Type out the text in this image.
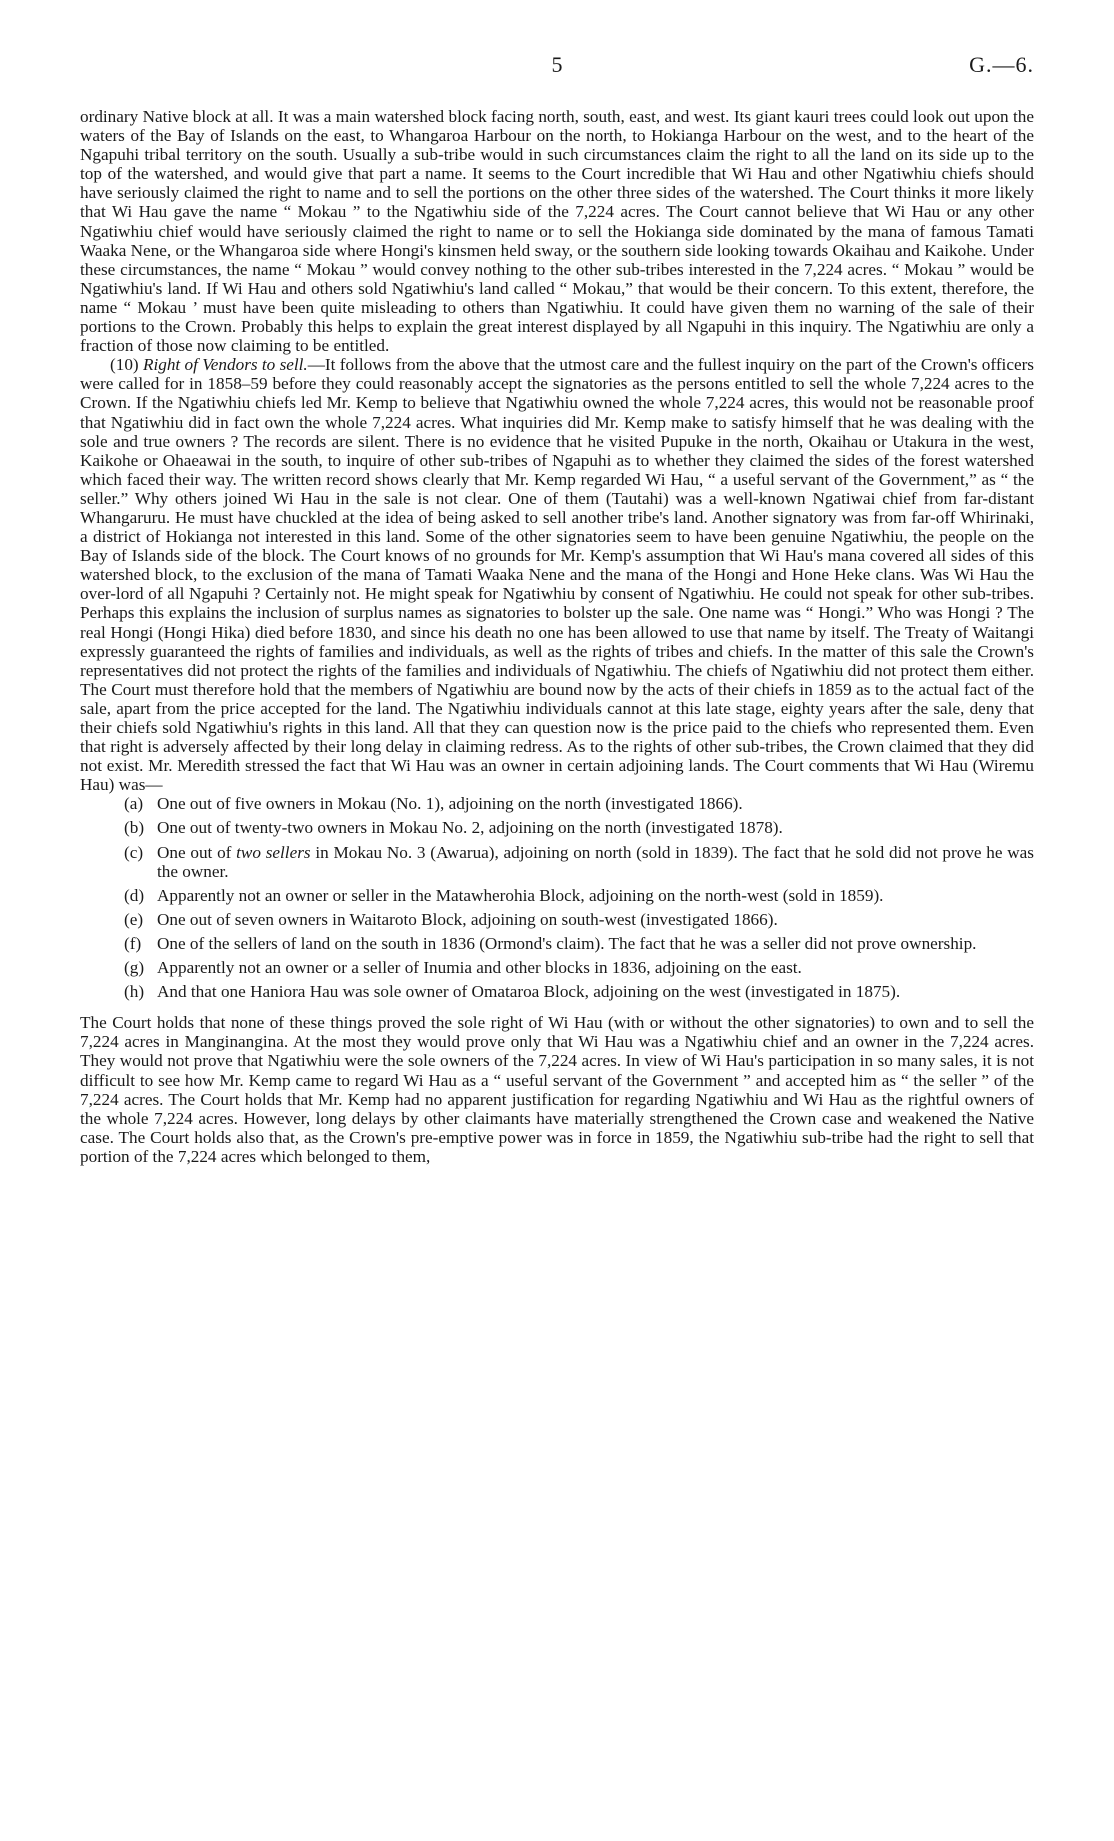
5	G.—6.

ordinary Native block at all. It was a main watershed block facing north, south, east, and west. Its giant kauri trees could look out upon the waters of the Bay of Islands on the east, to Whangaroa Harbour on the north, to Hokianga Harbour on the west, and to the heart of the Ngapuhi tribal territory on the south. Usually a sub-tribe would in such circumstances claim the right to all the land on its side up to the top of the watershed, and would give that part a name. It seems to the Court incredible that Wi Hau and other Ngatiwhiu chiefs should have seriously claimed the right to name and to sell the portions on the other three sides of the watershed. The Court thinks it more likely that Wi Hau gave the name “ Mokau ” to the Ngatiwhiu side of the 7,224 acres. The Court cannot believe that Wi Hau or any other Ngatiwhiu chief would have seriously claimed the right to name or to sell the Hokianga side dominated by the mana of famous Tamati Waaka Nene, or the Whangaroa side where Hongi's kinsmen held sway, or the southern side looking towards Okaihau and Kaikohe. Under these circumstances, the name “ Mokau ” would convey nothing to the other sub-tribes interested in the 7,224 acres. “ Mokau ” would be Ngatiwhiu's land. If Wi Hau and others sold Ngatiwhiu's land called “ Mokau,” that would be their concern. To this extent, therefore, the name “ Mokau ’ must have been quite misleading to others than Ngatiwhiu. It could have given them no warning of the sale of their portions to the Crown. Probably this helps to explain the great interest displayed by all Ngapuhi in this inquiry. The Ngatiwhiu are only a fraction of those now claiming to be entitled.

(10) Right of Vendors to sell.—It follows from the above that the utmost care and the fullest inquiry on the part of the Crown's officers were called for in 1858–59 before they could reasonably accept the signatories as the persons entitled to sell the whole 7,224 acres to the Crown. If the Ngatiwhiu chiefs led Mr. Kemp to believe that Ngatiwhiu owned the whole 7,224 acres, this would not be reasonable proof that Ngatiwhiu did in fact own the whole 7,224 acres. What inquiries did Mr. Kemp make to satisfy himself that he was dealing with the sole and true owners ? The records are silent. There is no evidence that he visited Pupuke in the north, Okaihau or Utakura in the west, Kaikohe or Ohaeawai in the south, to inquire of other sub-tribes of Ngapuhi as to whether they claimed the sides of the forest watershed which faced their way. The written record shows clearly that Mr. Kemp regarded Wi Hau, “ a useful servant of the Government,” as “ the seller.” Why others joined Wi Hau in the sale is not clear. One of them (Tautahi) was a well-known Ngatiwai chief from far-distant Whangaruru. He must have chuckled at the idea of being asked to sell another tribe's land. Another signatory was from far-off Whirinaki, a district of Hokianga not interested in this land. Some of the other signatories seem to have been genuine Ngatiwhiu, the people on the Bay of Islands side of the block. The Court knows of no grounds for Mr. Kemp's assumption that Wi Hau's mana covered all sides of this watershed block, to the exclusion of the mana of Tamati Waaka Nene and the mana of the Hongi and Hone Heke clans. Was Wi Hau the over-lord of all Ngapuhi ? Certainly not. He might speak for Ngatiwhiu by consent of Ngatiwhiu. He could not speak for other sub-tribes. Perhaps this explains the inclusion of surplus names as signatories to bolster up the sale. One name was “ Hongi.” Who was Hongi ? The real Hongi (Hongi Hika) died before 1830, and since his death no one has been allowed to use that name by itself. The Treaty of Waitangi expressly guaranteed the rights of families and individuals, as well as the rights of tribes and chiefs. In the matter of this sale the Crown's representatives did not protect the rights of the families and individuals of Ngatiwhiu. The chiefs of Ngatiwhiu did not protect them either. The Court must therefore hold that the members of Ngatiwhiu are bound now by the acts of their chiefs in 1859 as to the actual fact of the sale, apart from the price accepted for the land. The Ngatiwhiu individuals cannot at this late stage, eighty years after the sale, deny that their chiefs sold Ngatiwhiu's rights in this land. All that they can question now is the price paid to the chiefs who represented them. Even that right is adversely affected by their long delay in claiming redress. As to the rights of other sub-tribes, the Crown claimed that they did not exist. Mr. Meredith stressed the fact that Wi Hau was an owner in certain adjoining lands. The Court comments that Wi Hau (Wiremu Hau) was—

(a) One out of five owners in Mokau (No. 1), adjoining on the north (investigated 1866).
(b) One out of twenty-two owners in Mokau No. 2, adjoining on the north (investigated 1878).
(c) One out of two sellers in Mokau No. 3 (Awarua), adjoining on north (sold in 1839). The fact that he sold did not prove he was the owner.
(d) Apparently not an owner or seller in the Matawherohia Block, adjoining on the north-west (sold in 1859).
(e) One out of seven owners in Waitaroto Block, adjoining on south-west (investigated 1866).
(f) One of the sellers of land on the south in 1836 (Ormond's claim). The fact that he was a seller did not prove ownership.
(g) Apparently not an owner or a seller of Inumia and other blocks in 1836, adjoining on the east.
(h) And that one Haniora Hau was sole owner of Omataroa Block, adjoining on the west (investigated in 1875).

The Court holds that none of these things proved the sole right of Wi Hau (with or without the other signatories) to own and to sell the 7,224 acres in Manginangina. At the most they would prove only that Wi Hau was a Ngatiwhiu chief and an owner in the 7,224 acres. They would not prove that Ngatiwhiu were the sole owners of the 7,224 acres. In view of Wi Hau's participation in so many sales, it is not difficult to see how Mr. Kemp came to regard Wi Hau as a “ useful servant of the Government ” and accepted him as “ the seller ” of the 7,224 acres. The Court holds that Mr. Kemp had no apparent justification for regarding Ngatiwhiu and Wi Hau as the rightful owners of the whole 7,224 acres. However, long delays by other claimants have materially strengthened the Crown case and weakened the Native case. The Court holds also that, as the Crown's pre-emptive power was in force in 1859, the Ngatiwhiu sub-tribe had the right to sell that portion of the 7,224 acres which belonged to them,
